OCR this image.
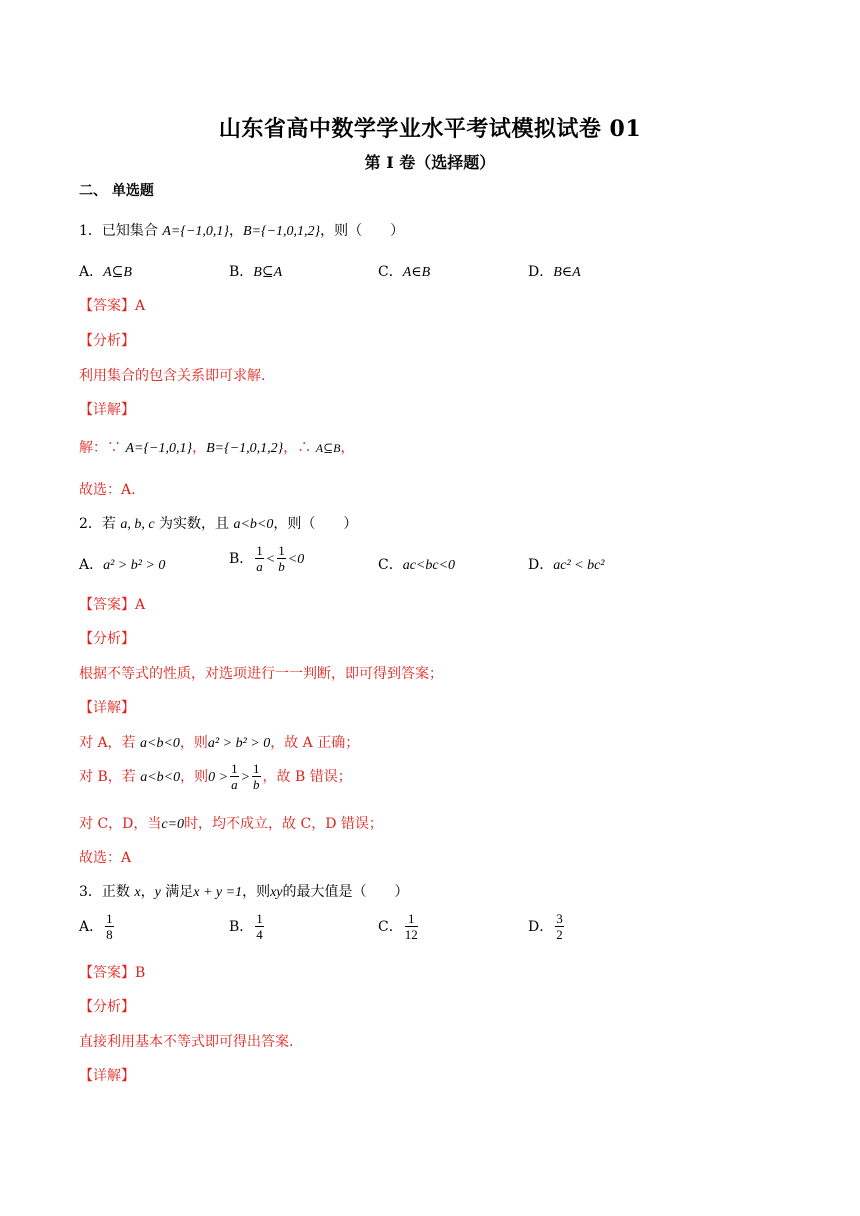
山东省高中数学学业水平考试模拟试卷 01
第 I 卷（选择题）
二、 单选题
1．已知集合 A={−1,0,1}，B={−1,0,1,2}，则（　　）
A．A⊆B	B．B⊆A	C．A∈B	D．B∈A
【答案】A
【分析】
利用集合的包含关系即可求解.
【详解】
解：∵ A={−1,0,1}，B={−1,0,1,2}，∴ A⊆B，
故选：A.
2．若 a, b, c 为实数，且 a<b<0，则（　　）
A．a² > b² > 0	B． $\frac{1}{a} < \frac{1}{b} <0$	C．ac<bc<0	D．ac² < bc²
【答案】A
【分析】
根据不等式的性质，对选项进行一一判断，即可得到答案；
【详解】
对 A，若 a<b<0，则a² > b² > 0，故 A 正确；
对 B，若 a<b<0，则$0 > \frac{1}{a} > \frac{1}{b}$ ，故 B 错误；
对 C，D，当c=0时，均不成立，故 C，D 错误；
故选：A
3．正数 x，y 满足x + y =1，则xy的最大值是（　　）
A． $\frac{1}{8}$	B． $\frac{1}{4}$	C． $\frac{1}{12}$	D． $\frac{3}{2}$
【答案】B
【分析】
直接利用基本不等式即可得出答案.
【详解】
